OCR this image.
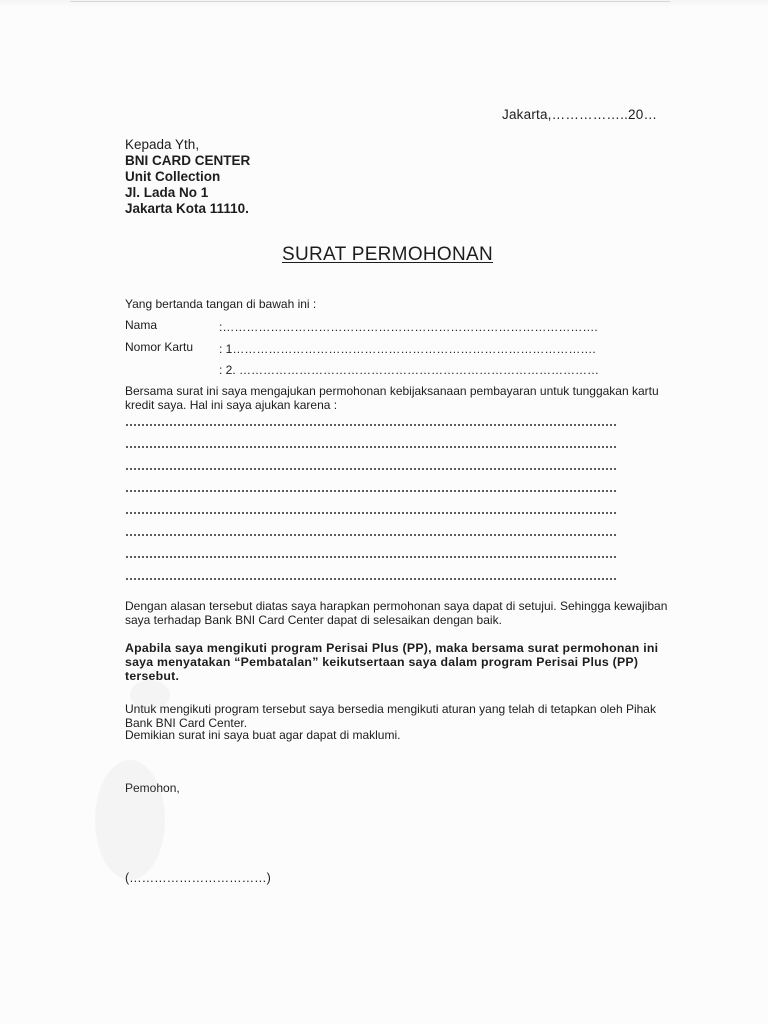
Jakarta,……………..20…
Kepada Yth,
BNI CARD CENTER
Unit Collection
Jl. Lada No 1
Jakarta Kota 11110.
SURAT PERMOHONAN
Yang bertanda tangan di bawah ini :
Nama	:………………………………………………………………………………….
Nomor Kartu : 1……………………………………………………………………………….
: 2. ………………………………………………………………………………
Bersama surat ini saya mengajukan permohonan kebijaksanaan pembayaran untuk tunggakan kartu kredit saya. Hal ini saya ajukan karena :
Dengan alasan tersebut diatas saya harapkan permohonan saya dapat di setujui. Sehingga kewajiban saya terhadap Bank BNI Card Center dapat di selesaikan dengan baik.
Apabila saya mengikuti program Perisai Plus (PP), maka bersama surat permohonan ini saya menyatakan “Pembatalan” keikutsertaan saya dalam program Perisai Plus (PP) tersebut.
Untuk mengikuti program tersebut saya bersedia mengikuti aturan yang telah di tetapkan oleh Pihak Bank BNI Card Center.
Demikian surat ini saya buat agar dapat di maklumi.
Pemohon,
(……………………………)
